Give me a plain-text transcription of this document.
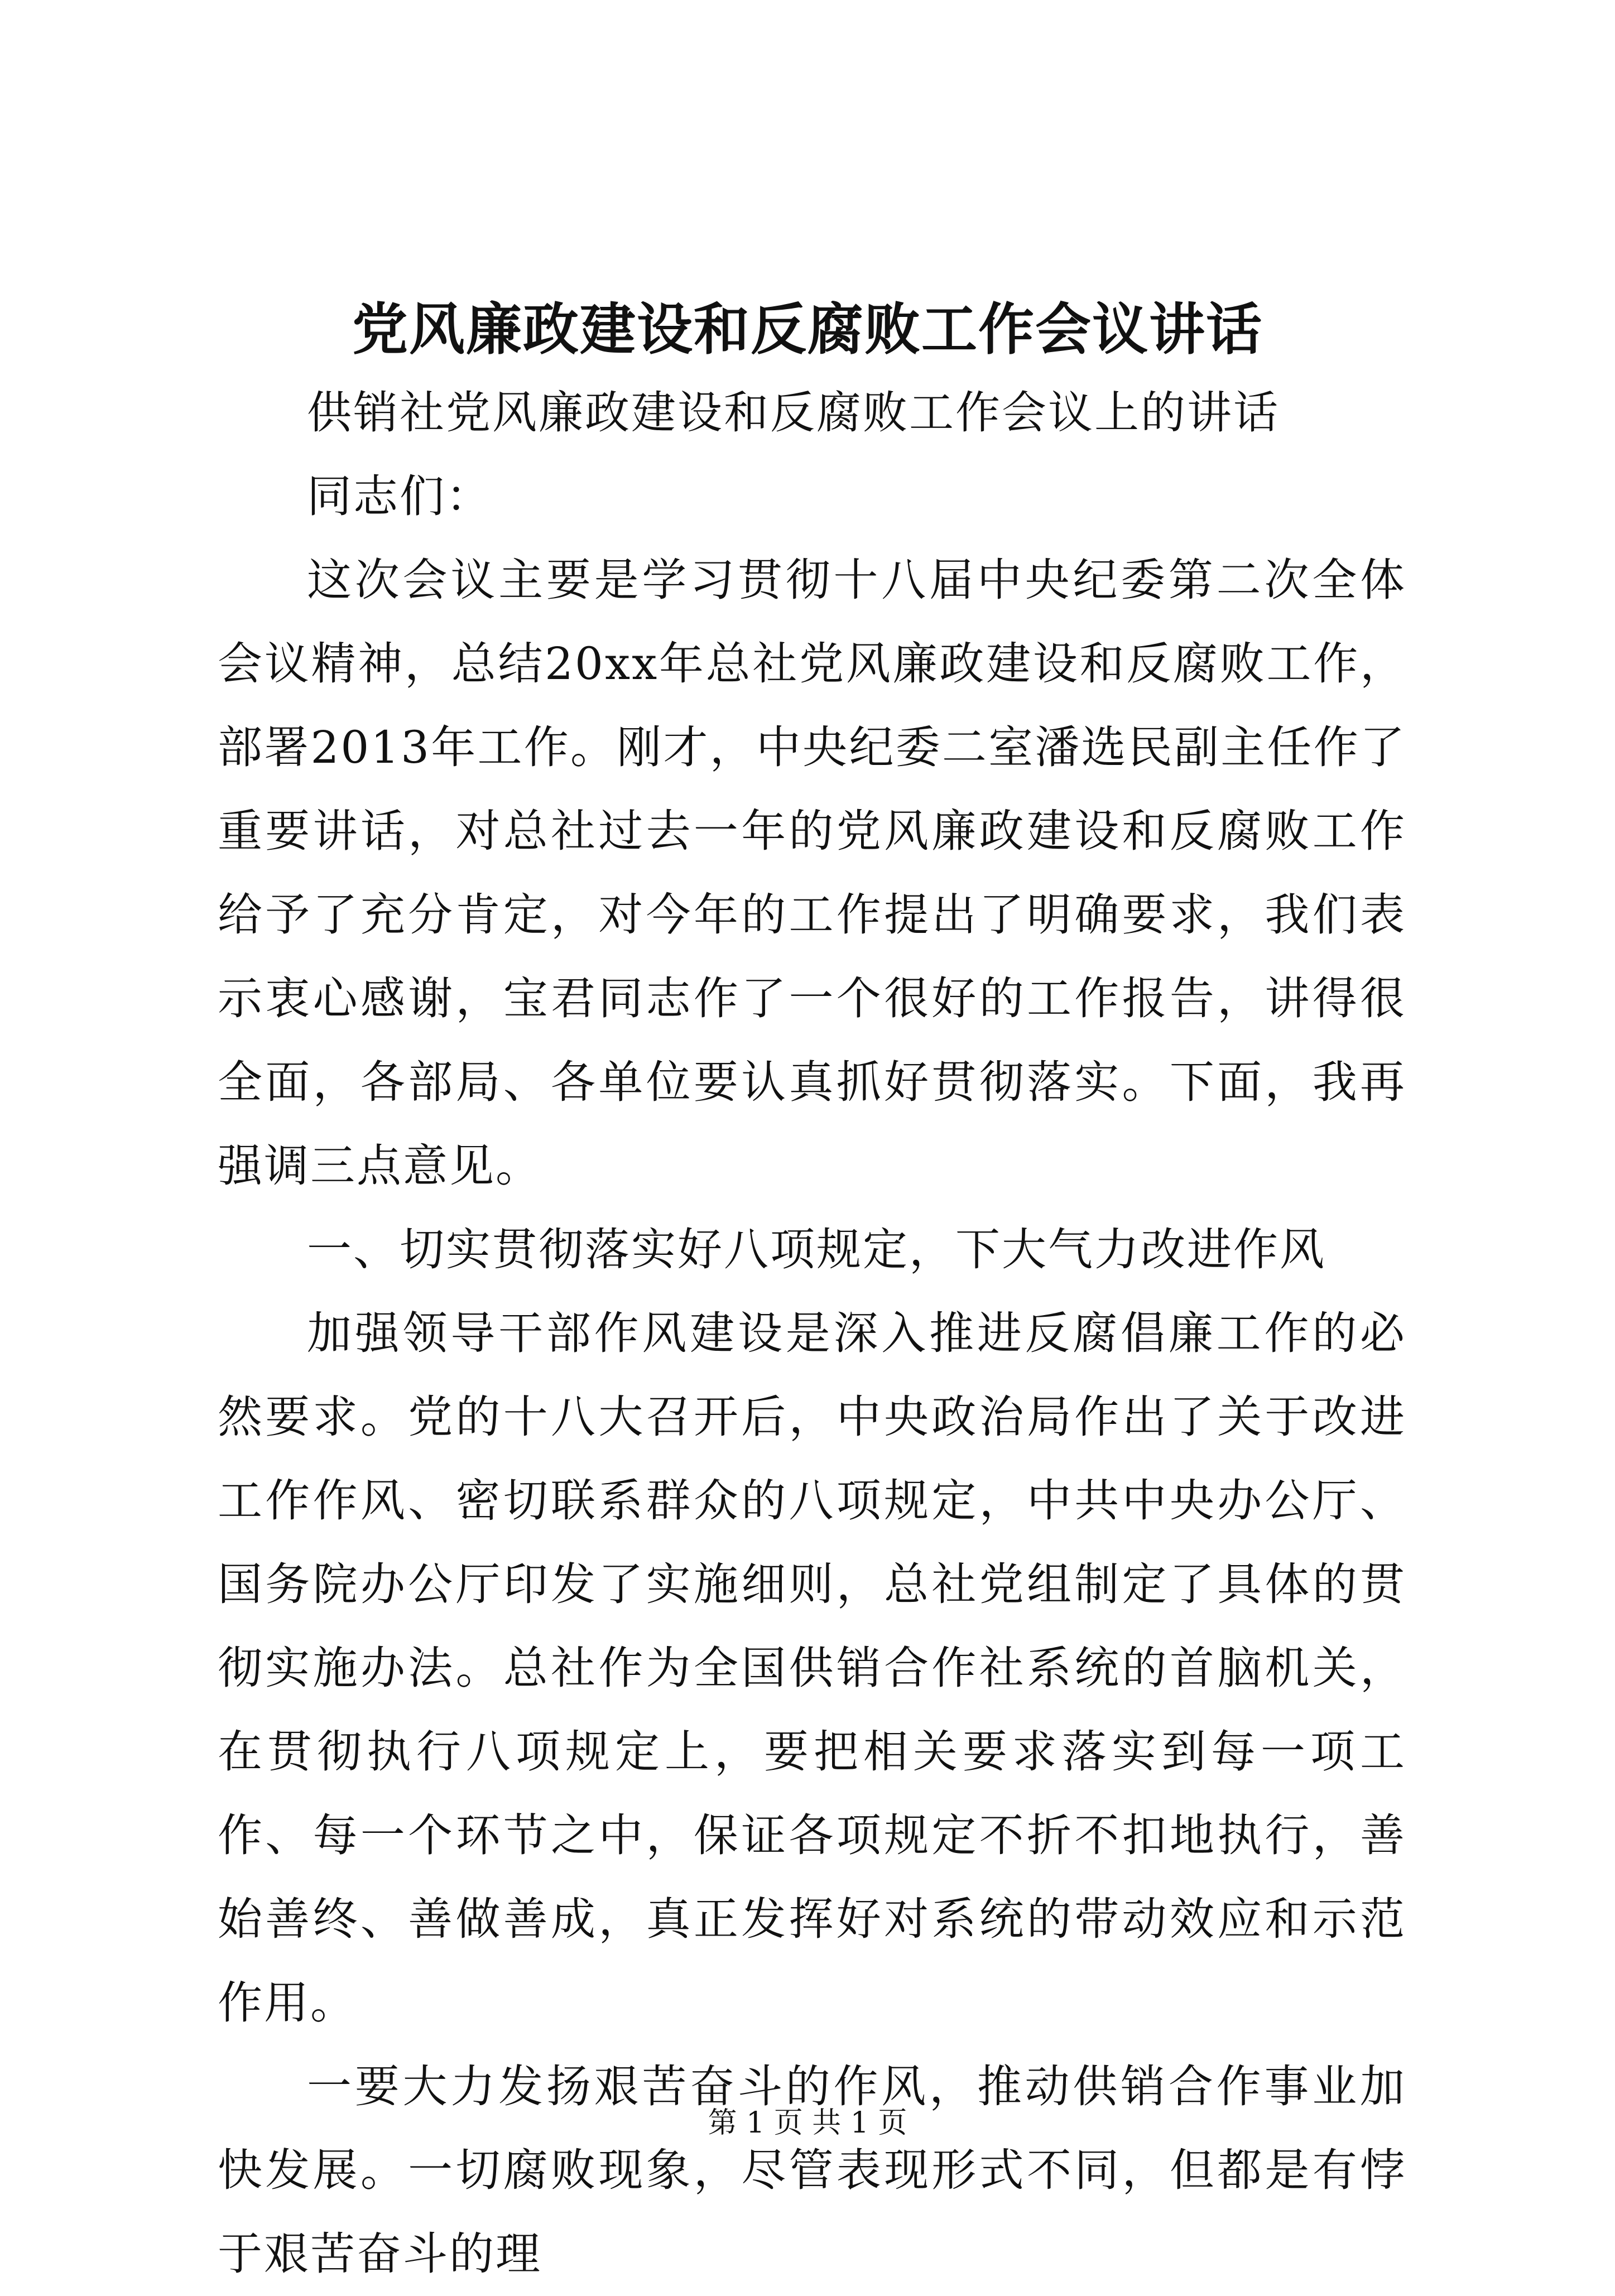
党风廉政建设和反腐败工作会议讲话

供销社党风廉政建设和反腐败工作会议上的讲话

同志们：

这次会议主要是学习贯彻十八届中央纪委第二次全体会议精神，总结20xx年总社党风廉政建设和反腐败工作，部署2013年工作。刚才，中央纪委二室潘选民副主任作了重要讲话，对总社过去一年的党风廉政建设和反腐败工作给予了充分肯定，对今年的工作提出了明确要求，我们表示衷心感谢，宝君同志作了一个很好的工作报告，讲得很全面，各部局、各单位要认真抓好贯彻落实。下面，我再强调三点意见。

一、切实贯彻落实好八项规定，下大气力改进作风

加强领导干部作风建设是深入推进反腐倡廉工作的必然要求。党的十八大召开后，中央政治局作出了关于改进工作作风、密切联系群众的八项规定，中共中央办公厅、国务院办公厅印发了实施细则，总社党组制定了具体的贯彻实施办法。总社作为全国供销合作社系统的首脑机关，在贯彻执行八项规定上，要把相关要求落实到每一项工作、每一个环节之中，保证各项规定不折不扣地执行，善始善终、善做善成，真正发挥好对系统的带动效应和示范作用。

一要大力发扬艰苦奋斗的作风，推动供销合作事业加快发展。一切腐败现象，尽管表现形式不同，但都是有悖于艰苦奋斗的理

第 1 页 共 1 页
